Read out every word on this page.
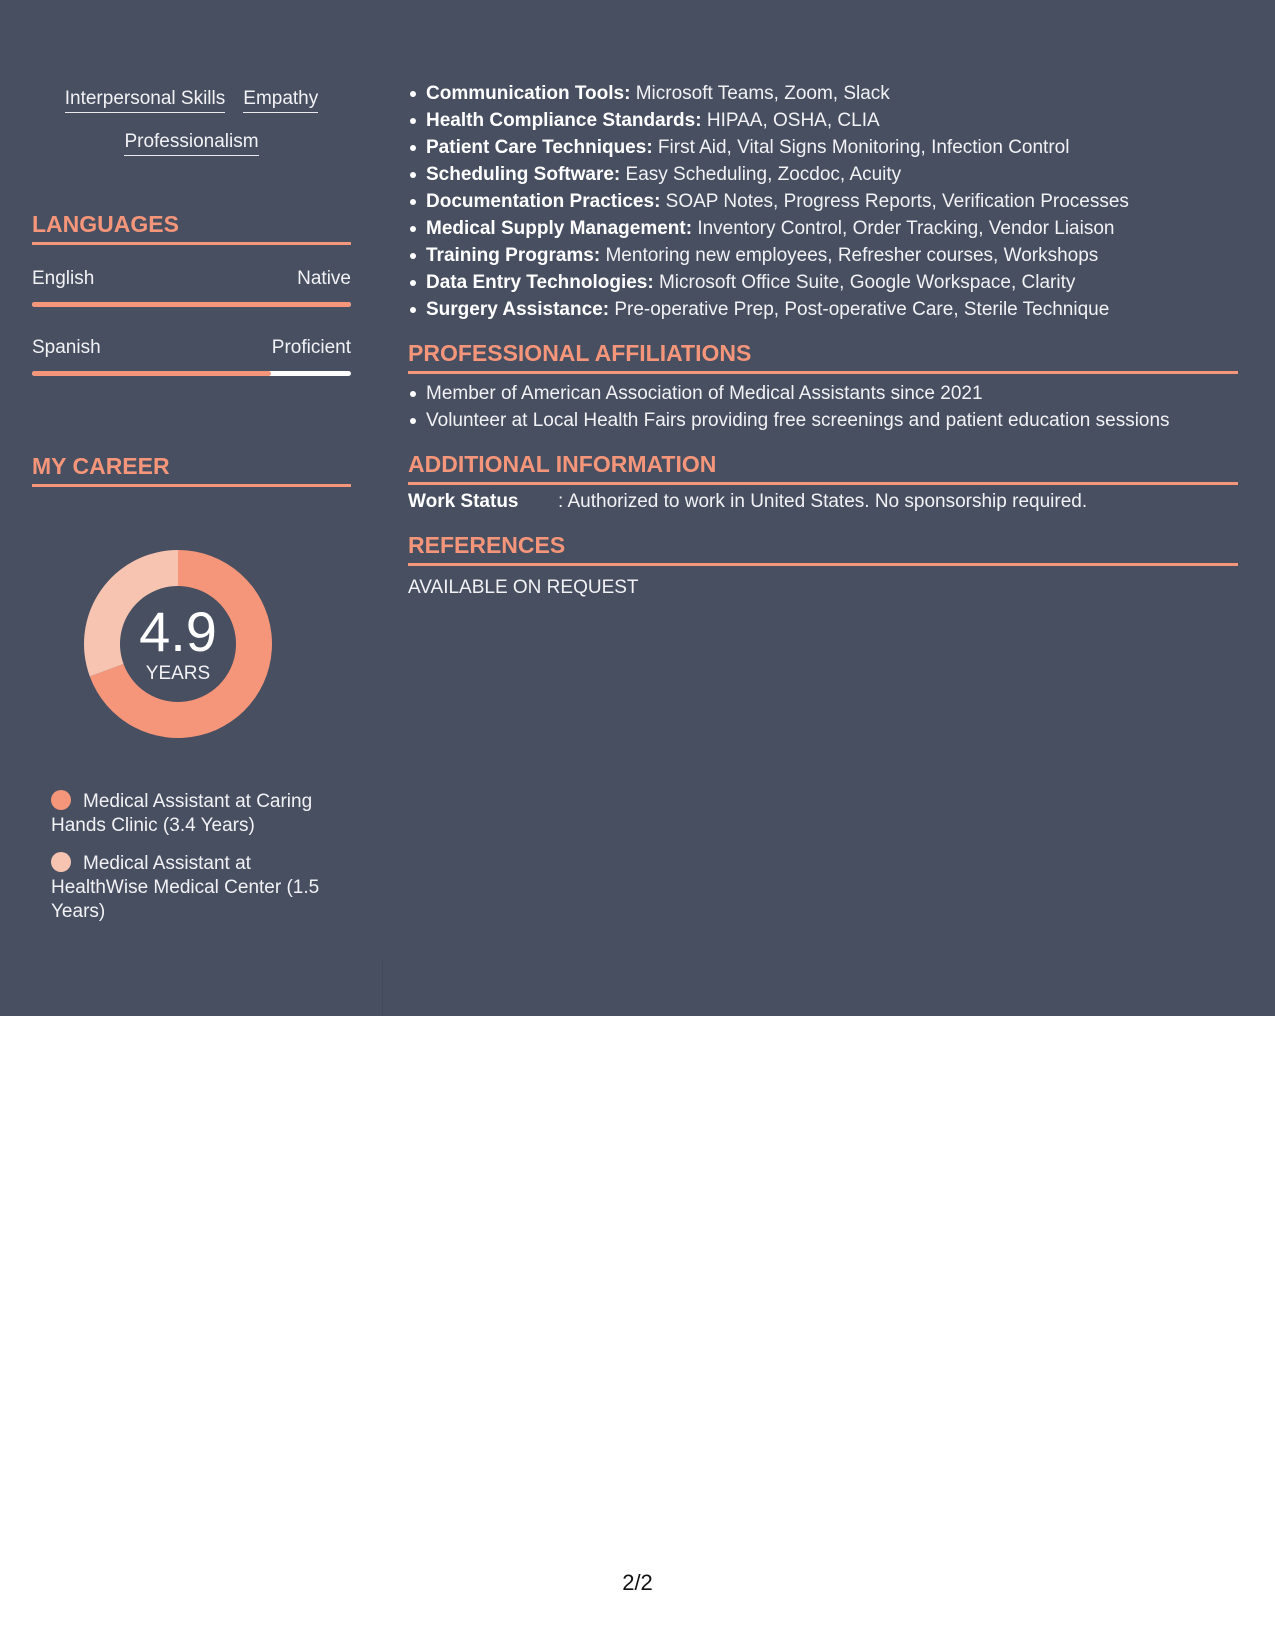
Interpersonal Skills Empathy
Professionalism
LANGUAGES
English	Native
Spanish	Proficient
MY CAREER
4.9
YEARS
Medical Assistant at Caring Hands Clinic (3.4 Years)
Medical Assistant at HealthWise Medical Center (1.5 Years)
Communication Tools: Microsoft Teams, Zoom, Slack
Health Compliance Standards: HIPAA, OSHA, CLIA
Patient Care Techniques: First Aid, Vital Signs Monitoring, Infection Control
Scheduling Software: Easy Scheduling, Zocdoc, Acuity
Documentation Practices: SOAP Notes, Progress Reports, Verification Processes
Medical Supply Management: Inventory Control, Order Tracking, Vendor Liaison
Training Programs: Mentoring new employees, Refresher courses, Workshops
Data Entry Technologies: Microsoft Office Suite, Google Workspace, Clarity
Surgery Assistance: Pre-operative Prep, Post-operative Care, Sterile Technique
PROFESSIONAL AFFILIATIONS
Member of American Association of Medical Assistants since 2021
Volunteer at Local Health Fairs providing free screenings and patient education sessions
ADDITIONAL INFORMATION
Work Status : Authorized to work in United States. No sponsorship required.
REFERENCES
AVAILABLE ON REQUEST
2/2
